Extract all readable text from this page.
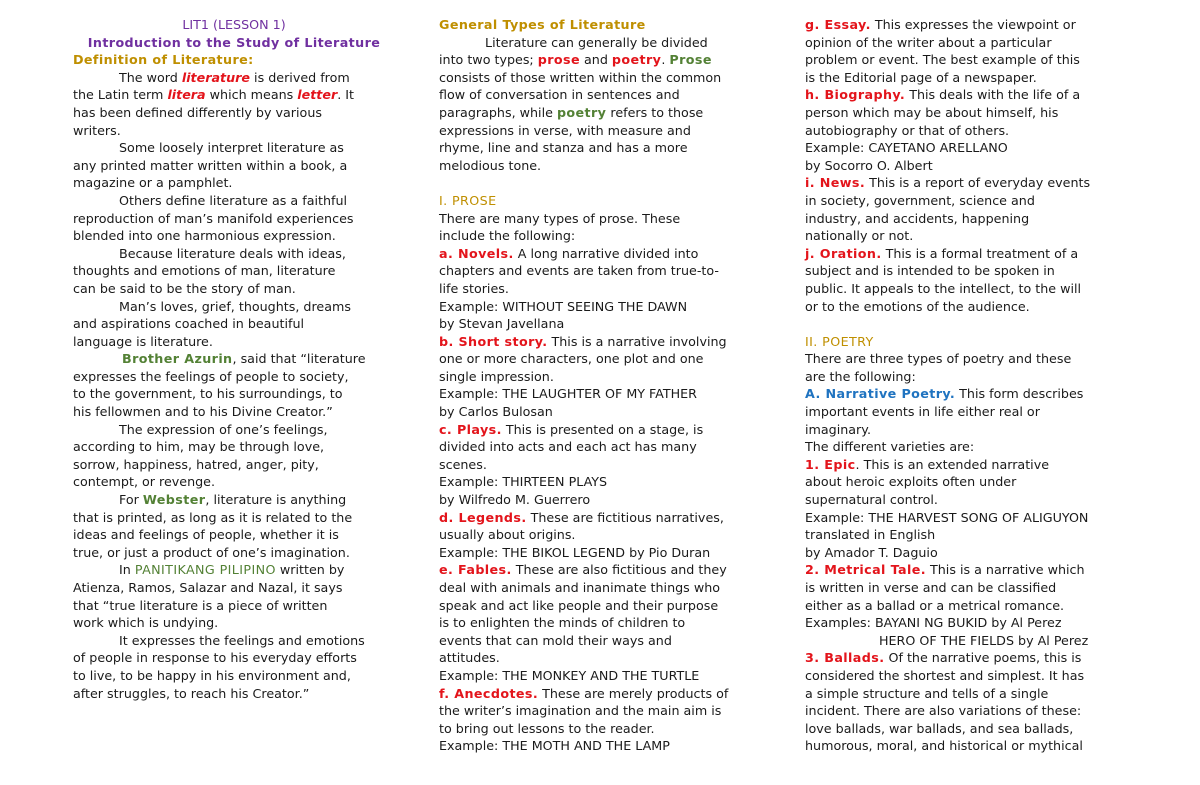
LIT1 (LESSON 1)
Introduction to the Study of Literature
Definition of Literature:
The word literature is derived from
the Latin term litera which means letter. It
has been defined differently by various
writers.
Some loosely interpret literature as
any printed matter written within a book, a
magazine or a pamphlet.
Others define literature as a faithful
reproduction of man’s manifold experiences
blended into one harmonious expression.
Because literature deals with ideas,
thoughts and emotions of man, literature
can be said to be the story of man.
Man’s loves, grief, thoughts, dreams
and aspirations coached in beautiful
language is literature.
Brother Azurin, said that “literature
expresses the feelings of people to society,
to the government, to his surroundings, to
his fellowmen and to his Divine Creator.”
The expression of one’s feelings,
according to him, may be through love,
sorrow, happiness, hatred, anger, pity,
contempt, or revenge.
For Webster, literature is anything
that is printed, as long as it is related to the
ideas and feelings of people, whether it is
true, or just a product of one’s imagination.
In PANITIKANG PILIPINO written by
Atienza, Ramos, Salazar and Nazal, it says
that “true literature is a piece of written
work which is undying.
It expresses the feelings and emotions
of people in response to his everyday efforts
to live, to be happy in his environment and,
after struggles, to reach his Creator.”
General Types of Literature
Literature can generally be divided
into two types; prose and poetry. Prose
consists of those written within the common
flow of conversation in sentences and
paragraphs, while poetry refers to those
expressions in verse, with measure and
rhyme, line and stanza and has a more
melodious tone.
I. PROSE
There are many types of prose. These
include the following:
a. Novels. A long narrative divided into
chapters and events are taken from true-to-
life stories.
Example: WITHOUT SEEING THE DAWN
by Stevan Javellana
b. Short story. This is a narrative involving
one or more characters, one plot and one
single impression.
Example: THE LAUGHTER OF MY FATHER
by Carlos Bulosan
c. Plays. This is presented on a stage, is
divided into acts and each act has many
scenes.
Example: THIRTEEN PLAYS
by Wilfredo M. Guerrero
d. Legends. These are fictitious narratives,
usually about origins.
Example: THE BIKOL LEGEND by Pio Duran
e. Fables. These are also fictitious and they
deal with animals and inanimate things who
speak and act like people and their purpose
is to enlighten the minds of children to
events that can mold their ways and
attitudes.
Example: THE MONKEY AND THE TURTLE
f. Anecdotes. These are merely products of
the writer’s imagination and the main aim is
to bring out lessons to the reader.
Example: THE MOTH AND THE LAMP
g. Essay. This expresses the viewpoint or
opinion of the writer about a particular
problem or event. The best example of this
is the Editorial page of a newspaper.
h. Biography. This deals with the life of a
person which may be about himself, his
autobiography or that of others.
Example: CAYETANO ARELLANO
by Socorro O. Albert
i. News. This is a report of everyday events
in society, government, science and
industry, and accidents, happening
nationally or not.
j. Oration. This is a formal treatment of a
subject and is intended to be spoken in
public. It appeals to the intellect, to the will
or to the emotions of the audience.
II. POETRY
There are three types of poetry and these
are the following:
A. Narrative Poetry. This form describes
important events in life either real or
imaginary.
The different varieties are:
1. Epic. This is an extended narrative
about heroic exploits often under
supernatural control.
Example: THE HARVEST SONG OF ALIGUYON
translated in English
by Amador T. Daguio
2. Metrical Tale. This is a narrative which
is written in verse and can be classified
either as a ballad or a metrical romance.
Examples: BAYANI NG BUKID by Al Perez
HERO OF THE FIELDS by Al Perez
3. Ballads. Of the narrative poems, this is
considered the shortest and simplest. It has
a simple structure and tells of a single
incident. There are also variations of these:
love ballads, war ballads, and sea ballads,
humorous, moral, and historical or mythical
